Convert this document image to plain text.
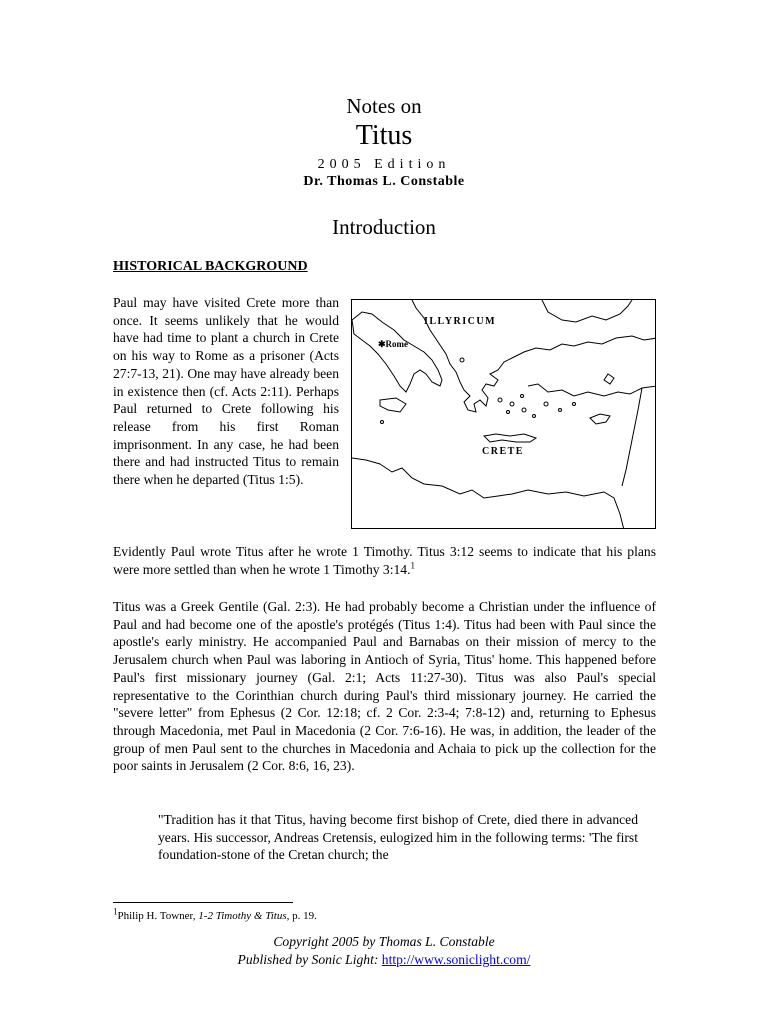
Notes on
Titus
2005 Edition
Dr. Thomas L. Constable
Introduction
HISTORICAL BACKGROUND
Paul may have visited Crete more than once. It seems unlikely that he would have had time to plant a church in Crete on his way to Rome as a prisoner (Acts 27:7-13, 21). One may have already been in existence then (cf. Acts 2:11). Perhaps Paul returned to Crete following his release from his first Roman imprisonment. In any case, he had been there and had instructed Titus to remain there when he departed (Titus 1:5).
ILLYRICUM
✱Rome
CRETE
Evidently Paul wrote Titus after he wrote 1 Timothy. Titus 3:12 seems to indicate that his plans were more settled than when he wrote 1 Timothy 3:14.$^1$
Titus was a Greek Gentile (Gal. 2:3). He had probably become a Christian under the influence of Paul and had become one of the apostle's protégés (Titus 1:4). Titus had been with Paul since the apostle's early ministry. He accompanied Paul and Barnabas on their mission of mercy to the Jerusalem church when Paul was laboring in Antioch of Syria, Titus' home. This happened before Paul's first missionary journey (Gal. 2:1; Acts 11:27-30). Titus was also Paul's special representative to the Corinthian church during Paul's third missionary journey. He carried the "severe letter" from Ephesus (2 Cor. 12:18; cf. 2 Cor. 2:3-4; 7:8-12) and, returning to Ephesus through Macedonia, met Paul in Macedonia (2 Cor. 7:6-16). He was, in addition, the leader of the group of men Paul sent to the churches in Macedonia and Achaia to pick up the collection for the poor saints in Jerusalem (2 Cor. 8:6, 16, 23).
"Tradition has it that Titus, having become first bishop of Crete, died there in advanced years. His successor, Andreas Cretensis, eulogized him in the following terms: 'The first foundation-stone of the Cretan church; the
$^1$Philip H. Towner, 1-2 Timothy & Titus, p. 19.
Copyright 2005 by Thomas L. Constable
Published by Sonic Light: http://www.soniclight.com/
